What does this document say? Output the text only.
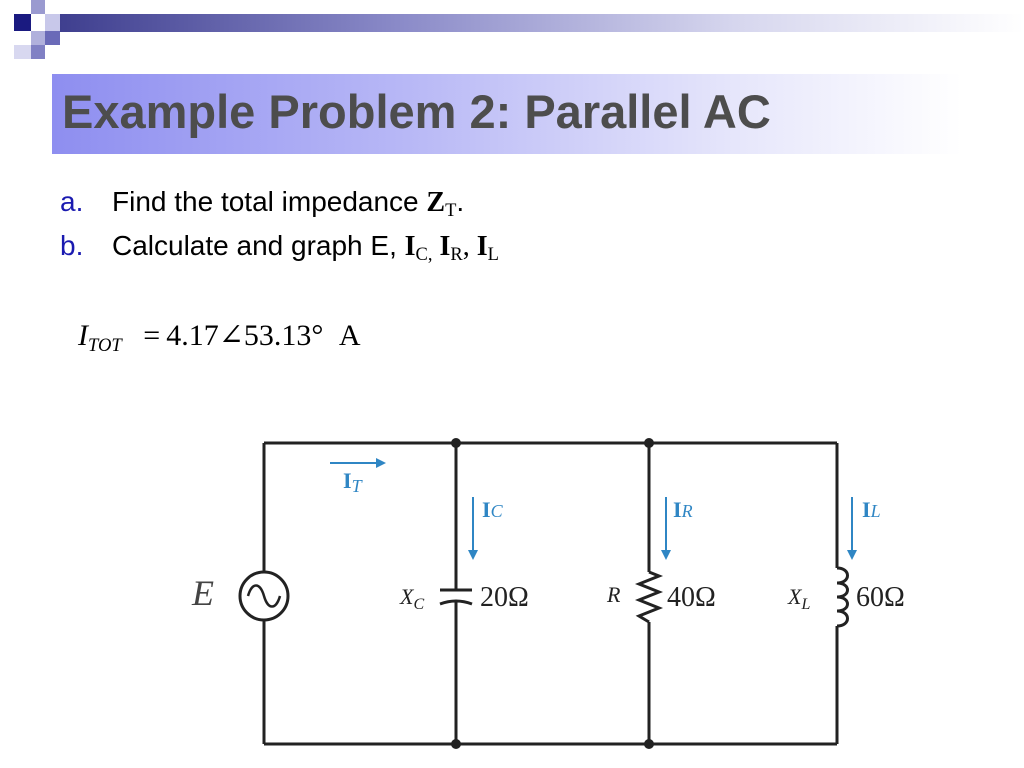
Example Problem 2: Parallel AC
a. Find the total impedance $Z_T$.
b. Calculate and graph E, $I_{C,}$ $I_R$, $I_L$
$I_{TOT}$ = 4.17∠53.13° A
E
IT
IC
$X_C$ 20Ω
IR
R 40Ω
IL
$X_L$ 60Ω
